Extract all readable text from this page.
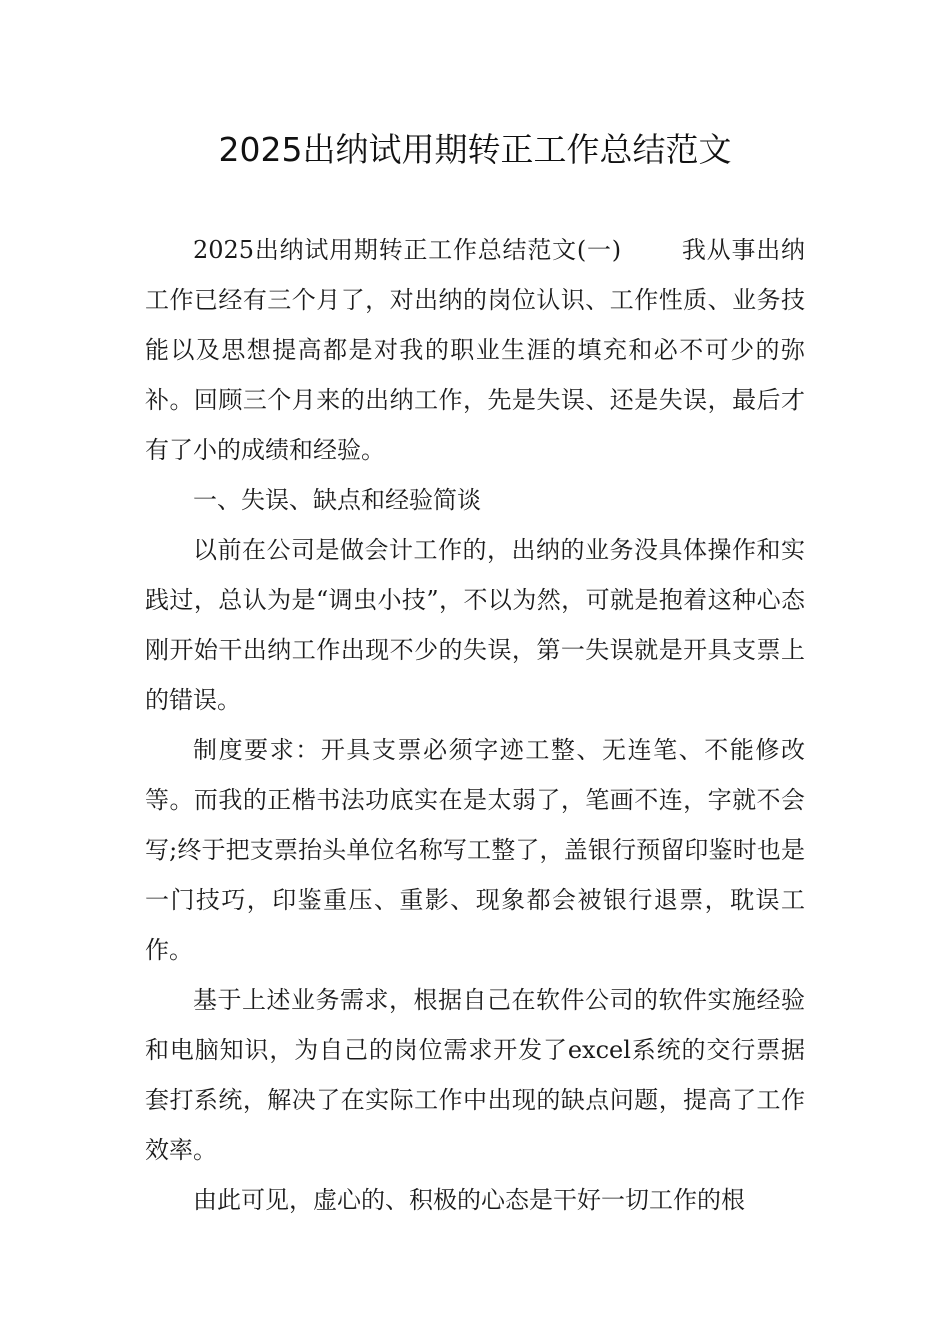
2025出纳试用期转正工作总结范文

2025出纳试用期转正工作总结范文(一)	我从事出纳工作已经有三个月了，对出纳的岗位认识、工作性质、业务技能以及思想提高都是对我的职业生涯的填充和必不可少的弥补。回顾三个月来的出纳工作，先是失误、还是失误，最后才有了小的成绩和经验。

一、失误、缺点和经验简谈

以前在公司是做会计工作的，出纳的业务没具体操作和实践过，总认为是“调虫小技”，不以为然，可就是抱着这种心态刚开始干出纳工作出现不少的失误，第一失误就是开具支票上的错误。

制度要求：开具支票必须字迹工整、无连笔、不能修改等。而我的正楷书法功底实在是太弱了，笔画不连，字就不会写;终于把支票抬头单位名称写工整了，盖银行预留印鉴时也是一门技巧，印鉴重压、重影、现象都会被银行退票，耽误工作。

基于上述业务需求，根据自己在软件公司的软件实施经验和电脑知识，为自己的岗位需求开发了excel系统的交行票据套打系统，解决了在实际工作中出现的缺点问题，提高了工作效率。

由此可见，虚心的、积极的心态是干好一切工作的根
